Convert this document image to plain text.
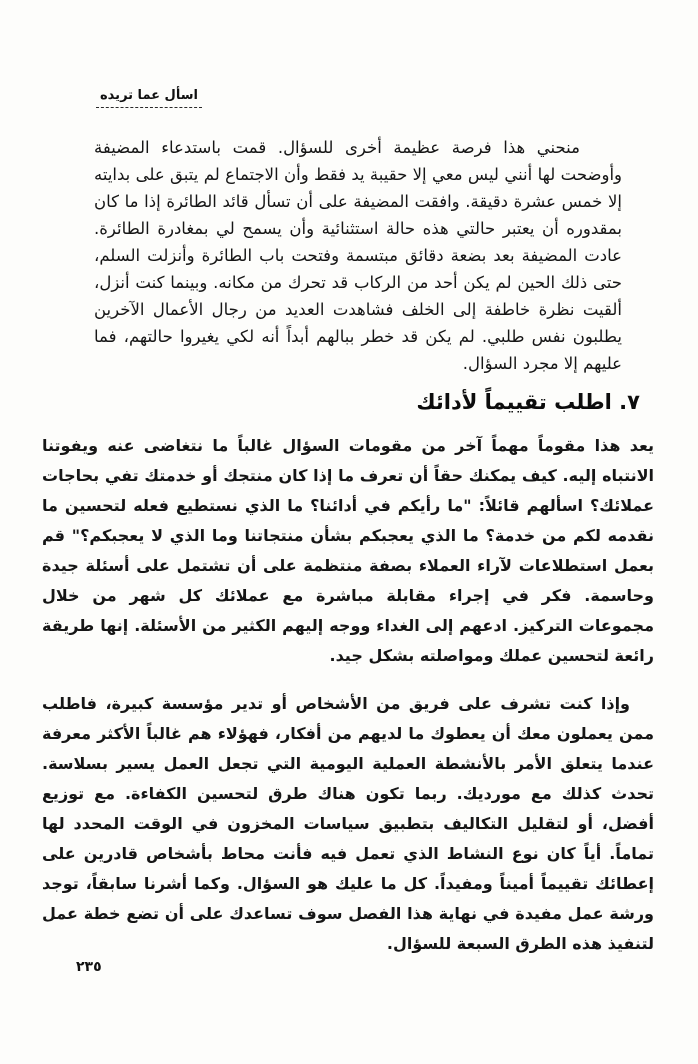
اسأل عما تريده

منحني هذا فرصة عظيمة أخرى للسؤال. قمت باستدعاء المضيفة وأوضحت لها أنني ليس معي إلا حقيبة يد فقط وأن الاجتماع لم يتبق على بدايته إلا خمس عشرة دقيقة. وافقت المضيفة على أن تسأل قائد الطائرة إذا ما كان بمقدوره أن يعتبر حالتي هذه حالة استثنائية وأن يسمح لي بمغادرة الطائرة. عادت المضيفة بعد بضعة دقائق مبتسمة وفتحت باب الطائرة وأنزلت السلم، حتى ذلك الحين لم يكن أحد من الركاب قد تحرك من مكانه. وبينما كنت أنزل، ألقيت نظرة خاطفة إلى الخلف فشاهدت العديد من رجال الأعمال الآخرين يطلبون نفس طلبي. لم يكن قد خطر ببالهم أبداً أنه لكي يغيروا حالتهم، فما عليهم إلا مجرد السؤال.

٧. اطلب تقييماً لأدائك

يعد هذا مقوماً مهماً آخر من مقومات السؤال غالباً ما نتغاضى عنه ويفوتنا الانتباه إليه. كيف يمكنك حقاً أن تعرف ما إذا كان منتجك أو خدمتك تفي بحاجات عملائك؟ اسألهم قائلاً: "ما رأيكم في أدائنا؟ ما الذي نستطيع فعله لتحسين ما نقدمه لكم من خدمة؟ ما الذي يعجبكم بشأن منتجاتنا وما الذي لا يعجبكم؟" قم بعمل استطلاعات لآراء العملاء بصفة منتظمة على أن تشتمل على أسئلة جيدة وحاسمة. فكر في إجراء مقابلة مباشرة مع عملائك كل شهر من خلال مجموعات التركيز. ادعهم إلى الغداء ووجه إليهم الكثير من الأسئلة. إنها طريقة رائعة لتحسين عملك ومواصلته بشكل جيد.

وإذا كنت تشرف على فريق من الأشخاص أو تدير مؤسسة كبيرة، فاطلب ممن يعملون معك أن يعطوك ما لديهم من أفكار، فهؤلاء هم غالباً الأكثر معرفة عندما يتعلق الأمر بالأنشطة العملية اليومية التي تجعل العمل يسير بسلاسة. تحدث كذلك مع مورديك. ربما تكون هناك طرق لتحسين الكفاءة. مع توزيع أفضل، أو لتقليل التكاليف بتطبيق سياسات المخزون في الوقت المحدد لها تماماً. أياً كان نوع النشاط الذي تعمل فيه فأنت محاط بأشخاص قادرين على إعطائك تقييماً أميناً ومفيداً. كل ما عليك هو السؤال. وكما أشرنا سابقاً، توجد ورشة عمل مفيدة في نهاية هذا الفصل سوف تساعدك على أن تضع خطة عمل لتنفيذ هذه الطرق السبعة للسؤال.

٢٣٥
